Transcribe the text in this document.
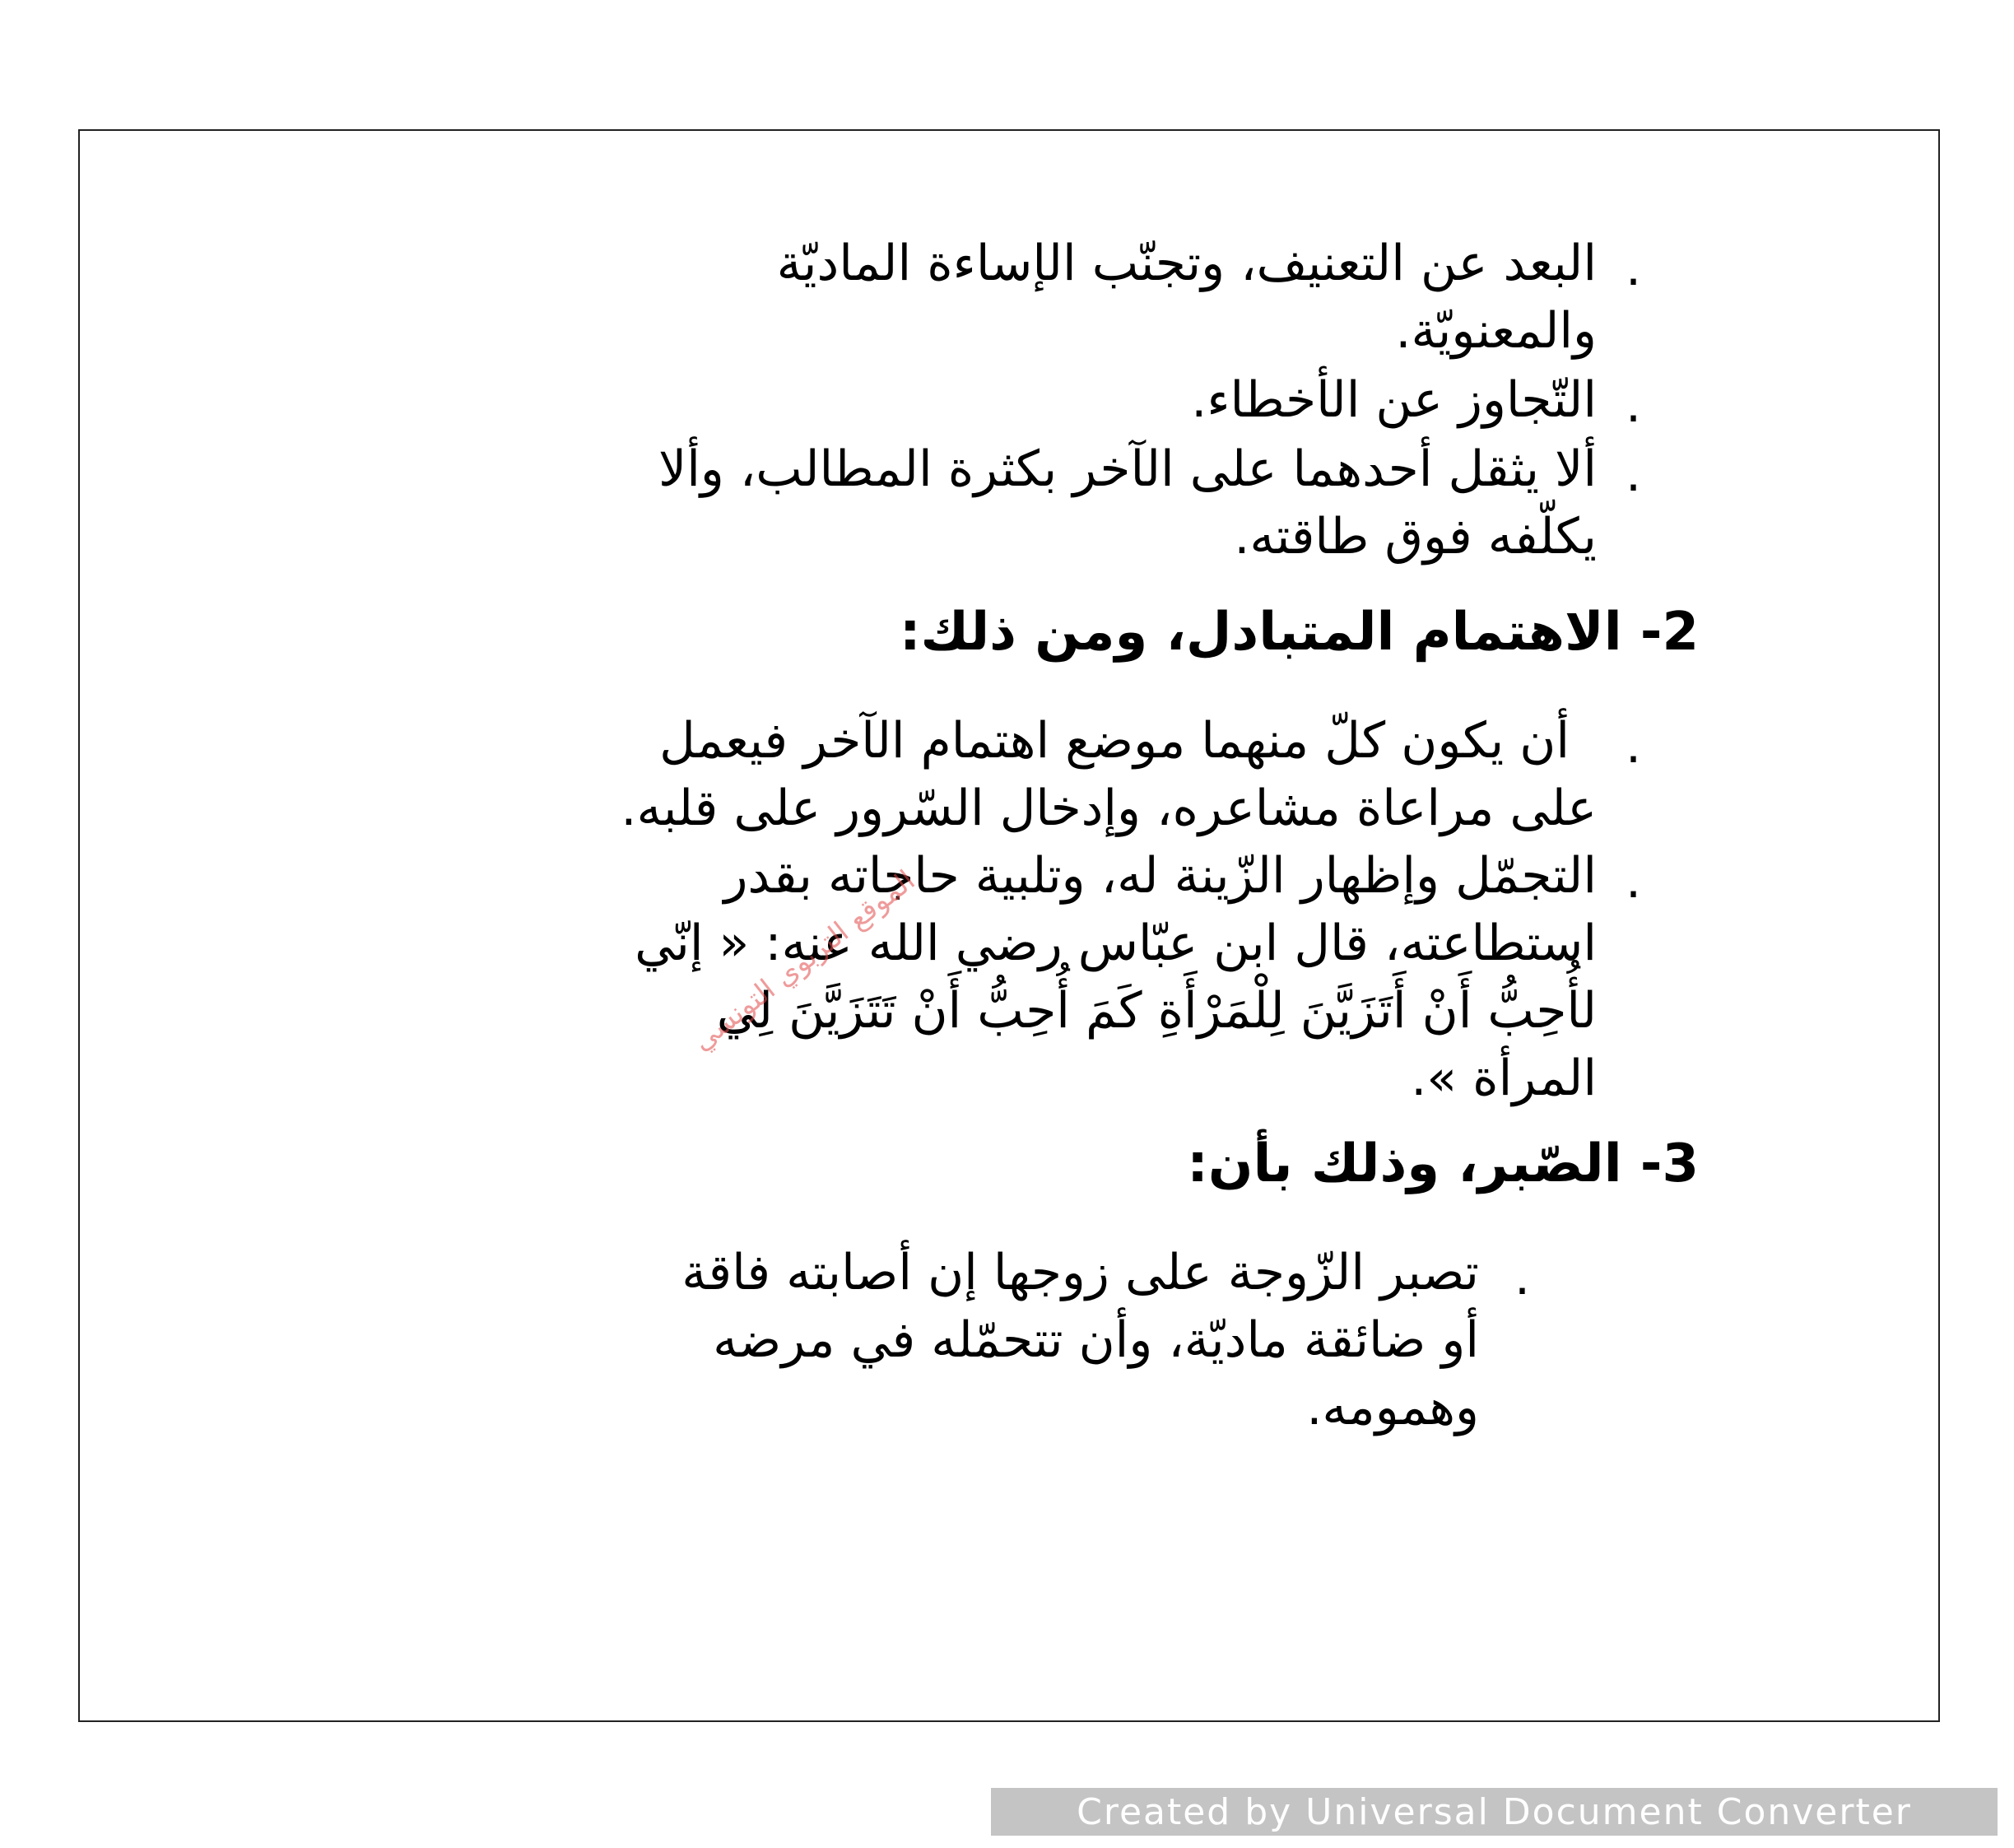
.
البعد عن التعنيف، وتجنّب الإساءة الماديّة
والمعنويّة.
.
التّجاوز عن الأخطاء.
.
ألا يثقل أحدهما على الآخر بكثرة المطالب، وألا
يكلّفه فوق طاقته.
2- الاهتمام المتبادل، ومن ذلك:
.
أن يكون كلّ منهما موضع اهتمام الآخر فيعمل
على مراعاة مشاعره، وإدخال السّرور على قلبه.
.
التجمّل وإظهار الزّينة له، وتلبية حاجاته بقدر
استطاعته، قال ابن عبّاس رضي الله عنه: « إنّي
لأُحِبُّ أَنْ أَتَزَيَّنَ لِلْمَرْأَةِ كَمَ أُحِبُّ أَنْ تَتَزَيَّنَ لِي
المرأة ».
الموقع التربوي التونسي
3- الصّبر، وذلك بأن:
.
تصبر الزّوجة على زوجها إن أصابته فاقة
أو ضائقة ماديّة، وأن تتحمّله في مرضه
وهمومه.
Created by Universal Document Converter
